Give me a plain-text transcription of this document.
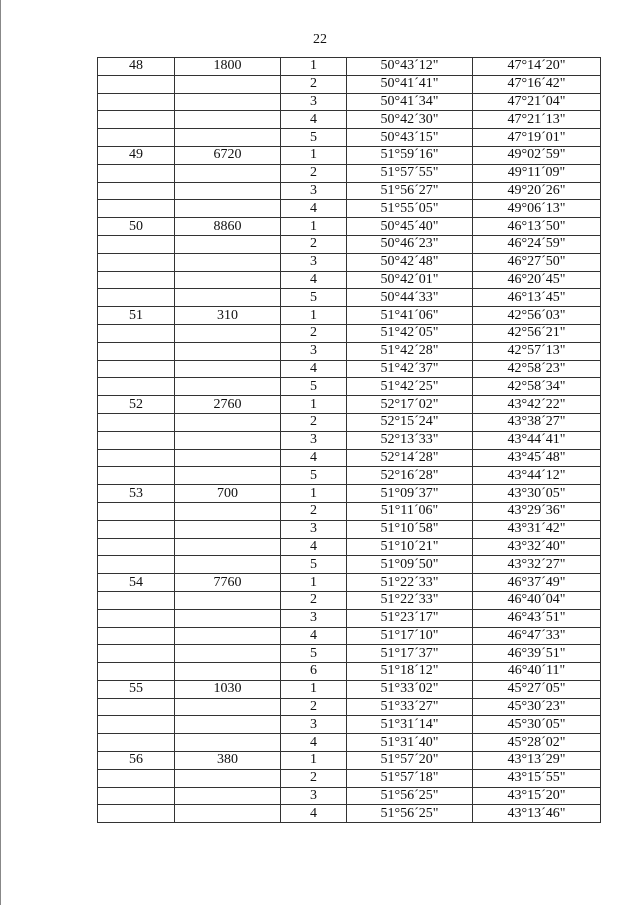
22
48	1800	1	50°43´12"	47°14´20"
		2	50°41´41"	47°16´42"
		3	50°41´34"	47°21´04"
		4	50°42´30"	47°21´13"
		5	50°43´15"	47°19´01"
49	6720	1	51°59´16"	49°02´59"
		2	51°57´55"	49°11´09"
		3	51°56´27"	49°20´26"
		4	51°55´05"	49°06´13"
50	8860	1	50°45´40"	46°13´50"
		2	50°46´23"	46°24´59"
		3	50°42´48"	46°27´50"
		4	50°42´01"	46°20´45"
		5	50°44´33"	46°13´45"
51	310	1	51°41´06"	42°56´03"
		2	51°42´05"	42°56´21"
		3	51°42´28"	42°57´13"
		4	51°42´37"	42°58´23"
		5	51°42´25"	42°58´34"
52	2760	1	52°17´02"	43°42´22"
		2	52°15´24"	43°38´27"
		3	52°13´33"	43°44´41"
		4	52°14´28"	43°45´48"
		5	52°16´28"	43°44´12"
53	700	1	51°09´37"	43°30´05"
		2	51°11´06"	43°29´36"
		3	51°10´58"	43°31´42"
		4	51°10´21"	43°32´40"
		5	51°09´50"	43°32´27"
54	7760	1	51°22´33"	46°37´49"
		2	51°22´33"	46°40´04"
		3	51°23´17"	46°43´51"
		4	51°17´10"	46°47´33"
		5	51°17´37"	46°39´51"
		6	51°18´12"	46°40´11"
55	1030	1	51°33´02"	45°27´05"
		2	51°33´27"	45°30´23"
		3	51°31´14"	45°30´05"
		4	51°31´40"	45°28´02"
56	380	1	51°57´20"	43°13´29"
		2	51°57´18"	43°15´55"
		3	51°56´25"	43°15´20"
		4	51°56´25"	43°13´46"
